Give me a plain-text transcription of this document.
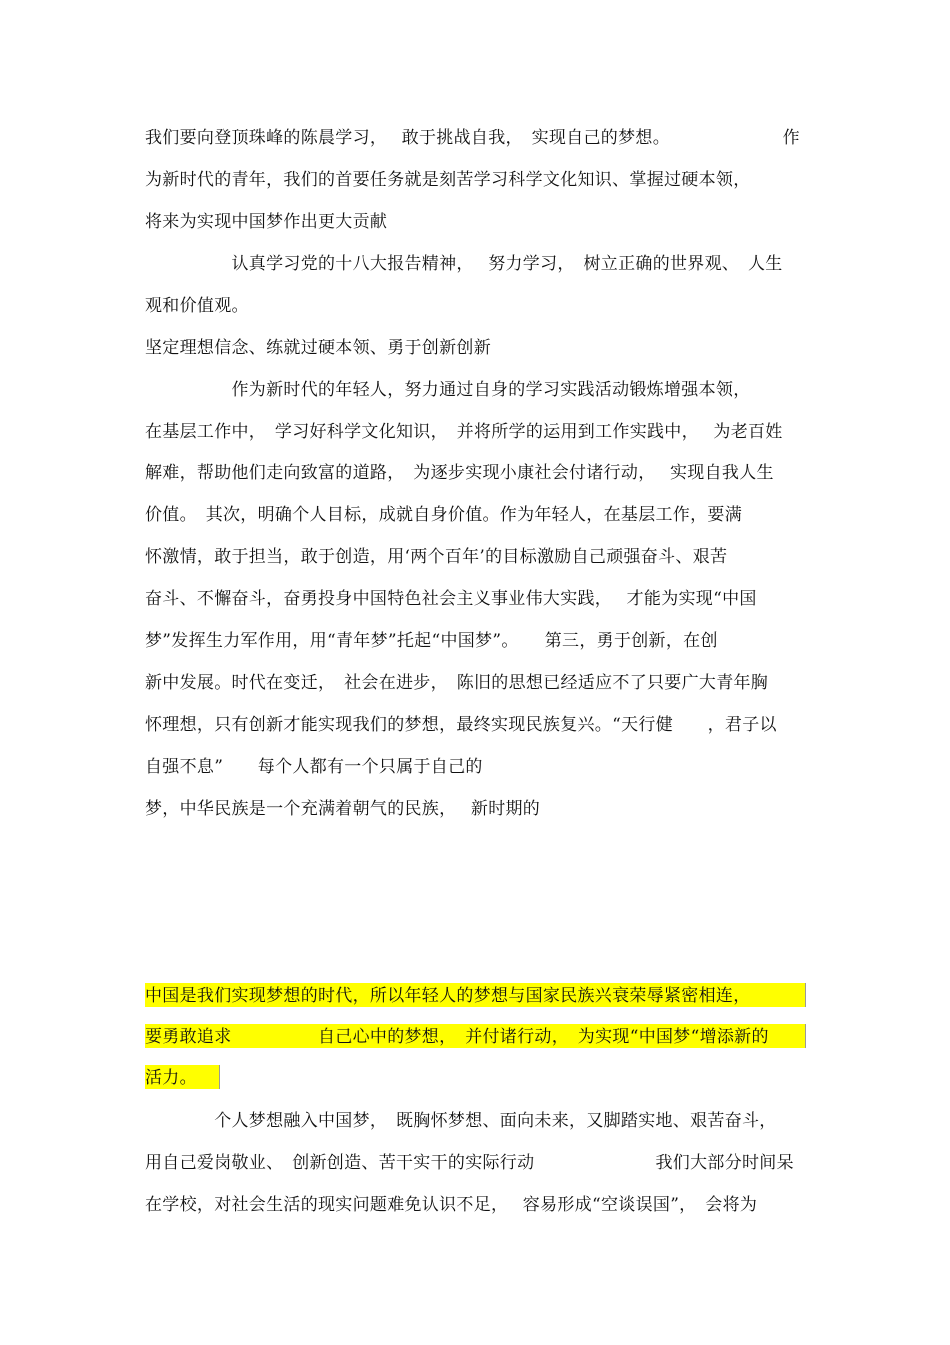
我们要向登顶珠峰的陈晨学习，　 敢于挑战自我，　实现自己的梦想。　　　　　　　作
为新时代的青年，我们的首要任务就是刻苦学习科学文化知识、掌握过硬本领，
将来为实现中国梦作出更大贡献
　　　　　认真学习党的十八大报告精神，　 努力学习，　树立正确的世界观、　人生
观和价值观。
坚定理想信念、练就过硬本领、勇于创新创新
　　　　　作为新时代的年轻人，努力通过自身的学习实践活动锻炼增强本领，
在基层工作中，　学习好科学文化知识，　并将所学的运用到工作实践中，　 为老百姓
解难，帮助他们走向致富的道路，　为逐步实现小康社会付诸行动，　 实现自我人生
价值。　其次，明确个人目标，成就自身价值。作为年轻人，在基层工作，要满
怀激情，敢于担当，敢于创造，用‘两个百年’的目标激励自己顽强奋斗、艰苦
奋斗、不懈奋斗，奋勇投身中国特色社会主义事业伟大实践，　 才能为实现“中国
梦”发挥生力军作用，用“青年梦”托起“中国梦”。　　第三，勇于创新，在创
新中发展。时代在变迁，　社会在进步，　陈旧的思想已经适应不了只要广大青年胸
怀理想，只有创新才能实现我们的梦想，最终实现民族复兴。“天行健　　，君子以
自强不息”　　每个人都有一个只属于自己的
梦，中华民族是一个充满着朝气的民族，　 新时期的
中国是我们实现梦想的时代，所以年轻人的梦想与国家民族兴衰荣辱紧密相连，
要勇敢追求　　　　　自己心中的梦想，　并付诸行动，　为实现“中国梦“增添新的
活力。
　　　　个人梦想融入中国梦，　既胸怀梦想、面向未来，又脚踏实地、艰苦奋斗，
用自己爱岗敬业、　创新创造、苦干实干的实际行动　　　　　　　我们大部分时间呆
在学校，对社会生活的现实问题难免认识不足，　 容易形成“空谈误国”，　会将为
